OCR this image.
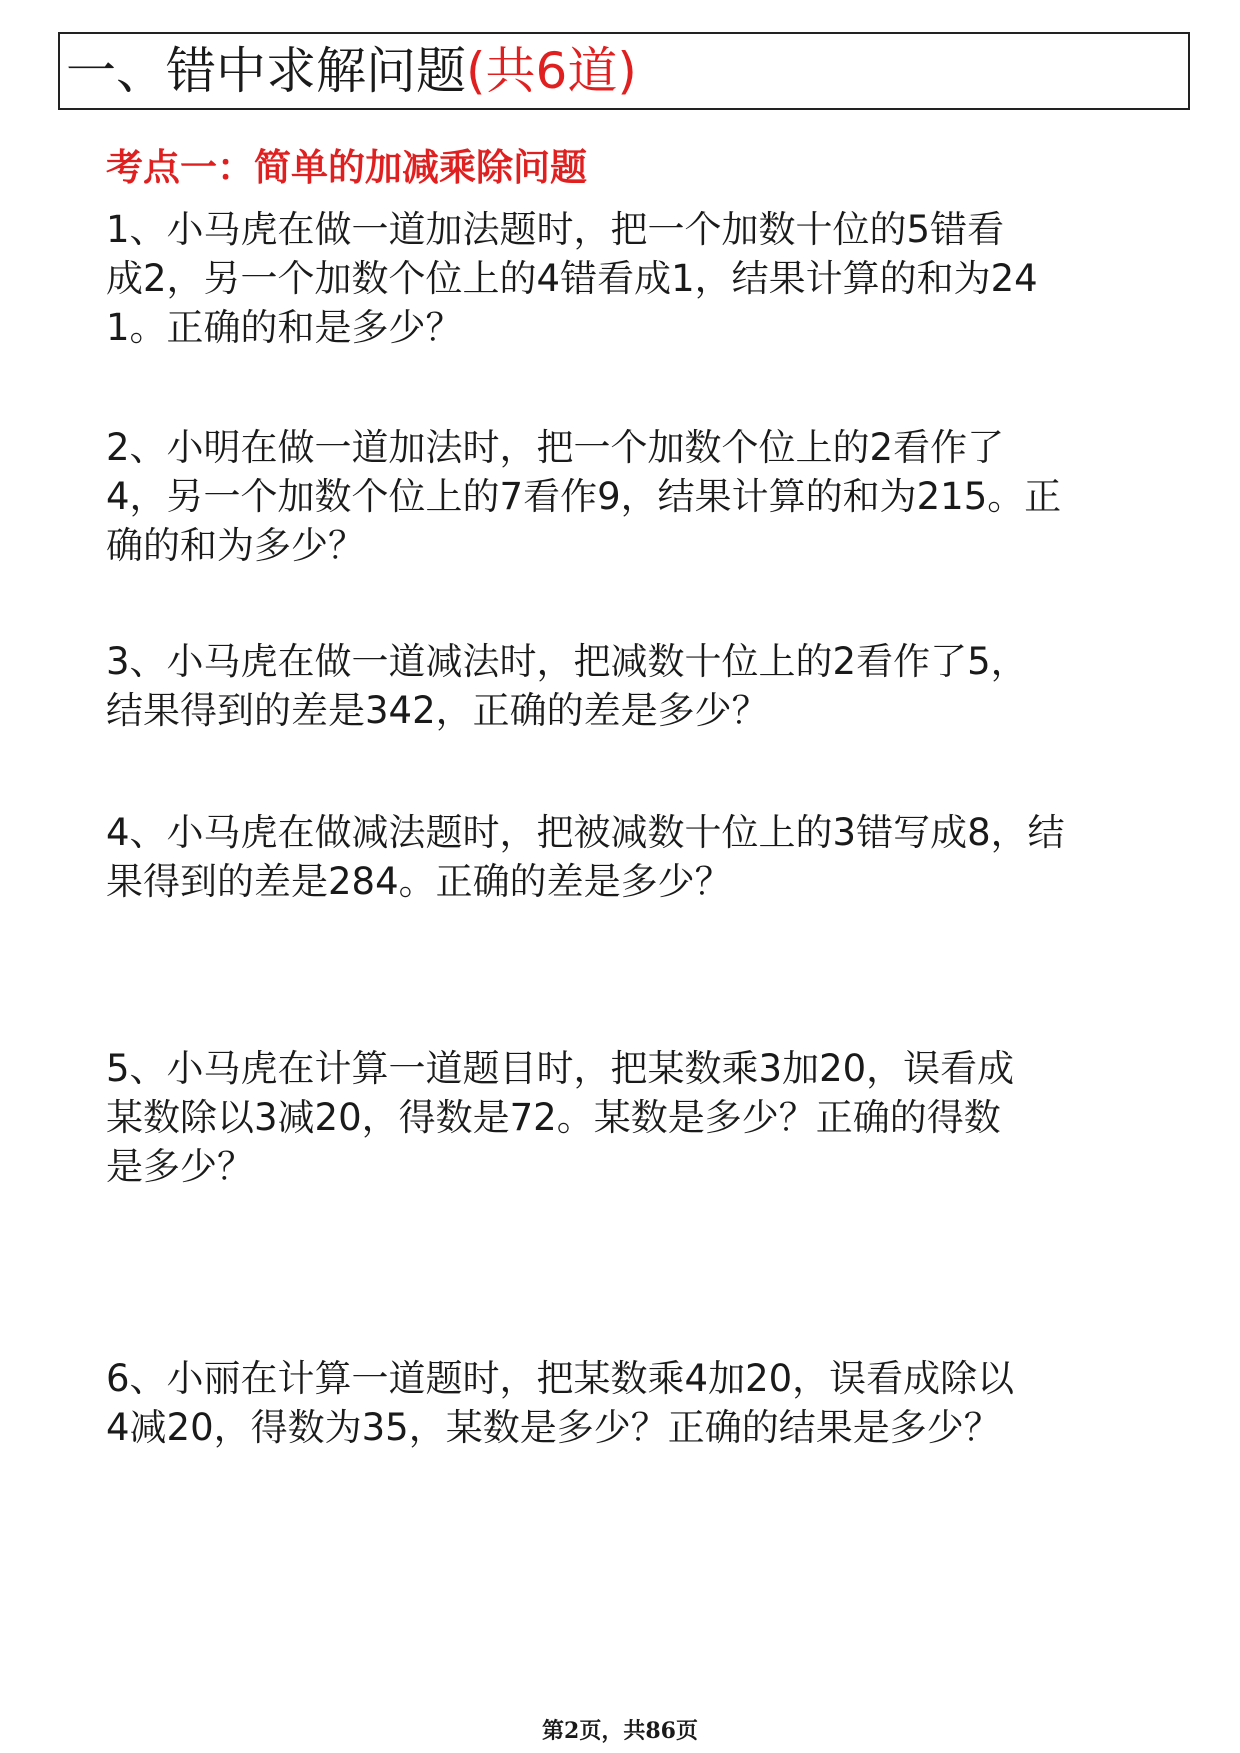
一、错中求解问题 (共6道)
考点一：简单的加减乘除问题
1、小马虎在做一道加法题时，把一个加数十位的5错看
成2，另一个加数个位上的4错看成1，结果计算的和为24
1。正确的和是多少？
2、小明在做一道加法时，把一个加数个位上的2看作了
4，另一个加数个位上的7看作9，结果计算的和为215。正
确的和为多少？
3、小马虎在做一道减法时，把减数十位上的2看作了5，
结果得到的差是342，正确的差是多少？
4、小马虎在做减法题时，把被减数十位上的3错写成8，结
果得到的差是284。正确的差是多少？
5、小马虎在计算一道题目时，把某数乘3加20，误看成
某数除以3减20，得数是72。某数是多少？正确的得数
是多少？
6、小丽在计算一道题时，把某数乘4加20，误看成除以
4减20，得数为35，某数是多少？正确的结果是多少？
第2页，共86页
